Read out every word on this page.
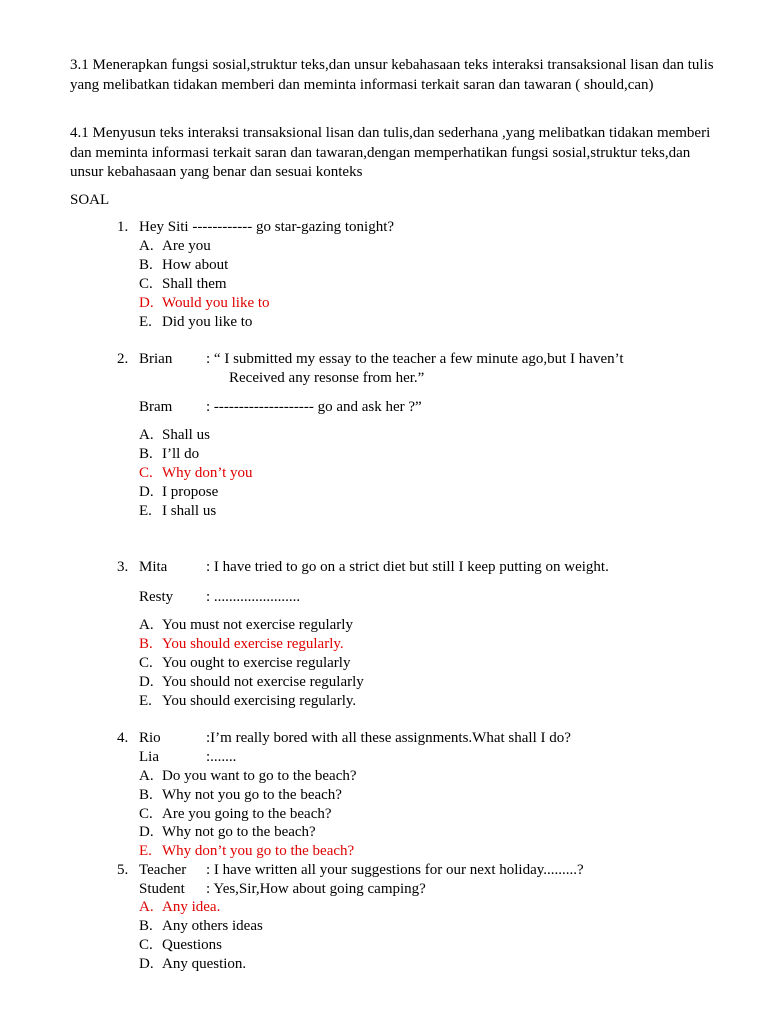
3.1 Menerapkan fungsi sosial,struktur teks,dan unsur kebahasaan teks interaksi transaksional lisan dan tulis yang melibatkan tidakan memberi dan meminta informasi terkait saran dan tawaran ( should,can)
4.1 Menyusun teks interaksi transaksional lisan dan tulis,dan sederhana ,yang melibatkan tidakan memberi dan meminta informasi terkait saran dan tawaran,dengan memperhatikan fungsi sosial,struktur teks,dan unsur kebahasaan yang benar dan sesuai konteks
SOAL
1. Hey Siti ------------ go star-gazing tonight?
A. Are you
B. How about
C. Shall them
D. Would you like to
E. Did you like to
2. Brian : “ I submitted my essay to the teacher a few minute ago,but I haven’t
Received any resonse from her.”
Bram : -------------------- go and ask her ?”
A. Shall us
B. I’ll do
C. Why don’t you
D. I propose
E. I shall us
3. Mita	: I have tried to go on a strict diet but still I keep putting on weight.
Resty : .......................
A. You must not exercise regularly
B. You should exercise regularly.
C. You ought to exercise regularly
D. You should not exercise regularly
E. You should exercising regularly.
4. Rio	:I’m really bored with all these assignments.What shall I do?
Lia	:.......
A. Do you want to go to the beach?
B. Why not you go to the beach?
C. Are you going to the beach?
D. Why not go to the beach?
E. Why don’t you go to the beach?
5. Teacher : I have written all your suggestions for our next holiday.........?
Student : Yes,Sir,How about going camping?
A. Any idea.
B. Any others ideas
C. Questions
D. Any question.
